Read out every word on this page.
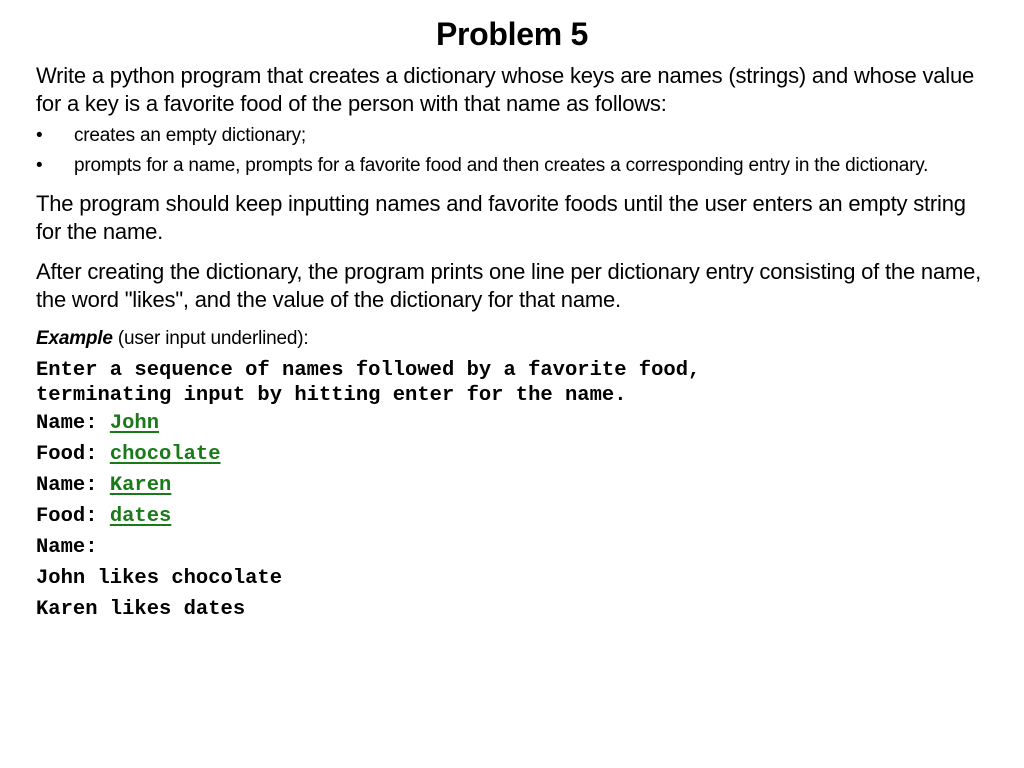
Problem 5

Write a python program that creates a dictionary whose keys are names (strings) and whose value for a key is a favorite food of the person with that name as follows:

• creates an empty dictionary;
• prompts for a name, prompts for a favorite food and then creates a corresponding entry in the dictionary.

The program should keep inputting names and favorite foods until the user enters an empty string for the name.

After creating the dictionary, the program prints one line per dictionary entry consisting of the name, the word "likes", and the value of the dictionary for that name.

Example (user input underlined):
Enter a sequence of names followed by a favorite food,
terminating input by hitting enter for the name.
Name: John
Food: chocolate
Name: Karen
Food: dates
Name:
John likes chocolate
Karen likes dates
